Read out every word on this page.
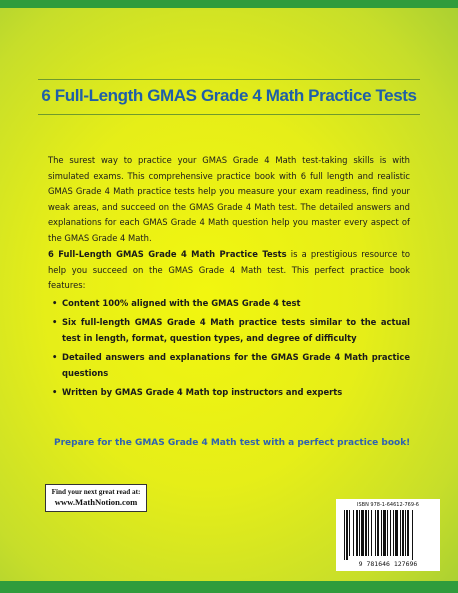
6 Full-Length GMAS Grade 4 Math Practice Tests

The surest way to practice your GMAS Grade 4 Math test-taking skills is with simulated exams. This comprehensive practice book with 6 full length and realistic GMAS Grade 4 Math practice tests help you measure your exam readiness, find your weak areas, and succeed on the GMAS Grade 4 Math test. The detailed answers and explanations for each GMAS Grade 4 Math question help you master every aspect of the GMAS Grade 4 Math.

6 Full-Length GMAS Grade 4 Math Practice Tests is a prestigious resource to help you succeed on the GMAS Grade 4 Math test. This perfect practice book features:

• Content 100% aligned with the GMAS Grade 4 test
• Six full-length GMAS Grade 4 Math practice tests similar to the actual test in length, format, question types, and degree of difficulty
• Detailed answers and explanations for the GMAS Grade 4 Math practice questions
• Written by GMAS Grade 4 Math top instructors and experts
Prepare for the GMAS Grade 4 Math test with a perfect practice book!
Find your next great read at:
www.MathNotion.com	ISBN 978-1-64612-769-6
9 781646 127696
